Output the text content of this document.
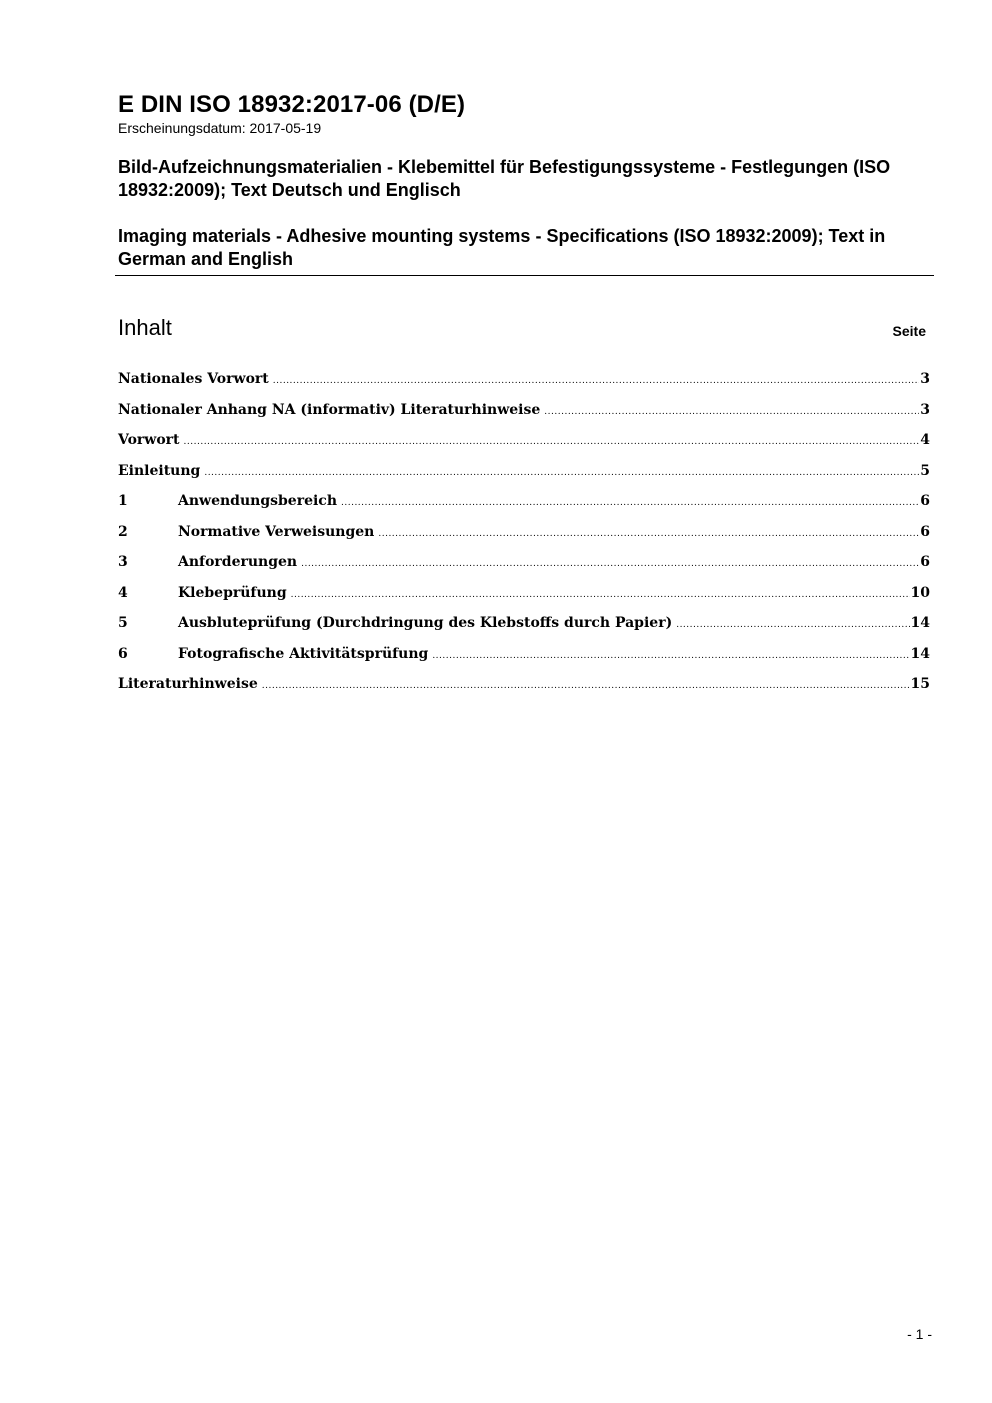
E DIN ISO 18932:2017-06 (D/E)
Erscheinungsdatum: 2017-05-19
Bild-Aufzeichnungsmaterialien - Klebemittel für Befestigungssysteme - Festlegungen (ISO 18932:2009); Text Deutsch und Englisch
Imaging materials - Adhesive mounting systems - Specifications (ISO 18932:2009); Text in German and English
Inhalt	Seite
Nationales Vorwort .....	3
Nationaler Anhang NA (informativ) Literaturhinweise .....	3
Vorwort .....	4
Einleitung .....	5
1	Anwendungsbereich .....	6
2	Normative Verweisungen .....	6
3	Anforderungen .....	6
4	Klebeprüfung .....	10
5	Ausbluteprüfung (Durchdringung des Klebstoffs durch Papier) .....	14
6	Fotografische Aktivitätsprüfung .....	14
Literaturhinweise .....	15
- 1 -
